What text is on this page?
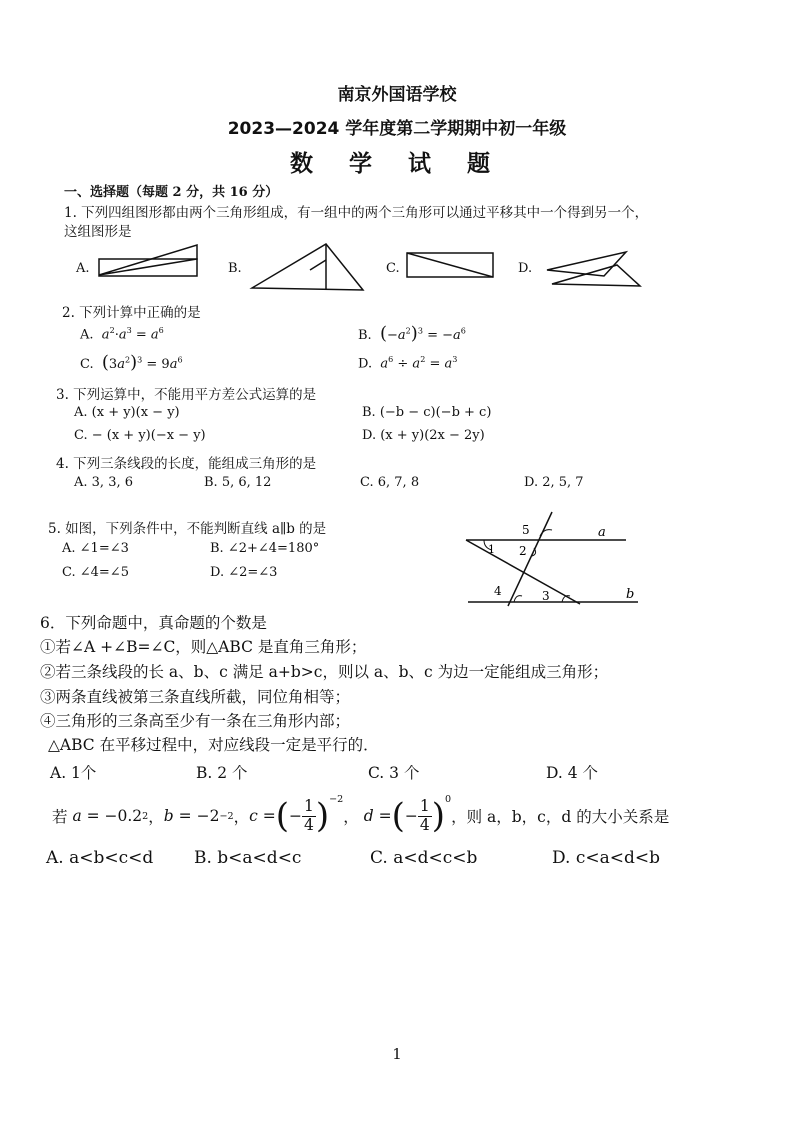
南京外国语学校
2023—2024 学年度第二学期期中初一年级
数 学 试 题
一、选择题（每题 2 分，共 16 分）
1. 下列四组图形都由两个三角形组成，有一组中的两个三角形可以通过平移其中一个得到另一个，
这组图形是
A.	B.	C.	D.
2. 下列计算中正确的是
A. $a^2\cdot a^3 = a^6$	B. $(-a^2)^3 = -a^6$
C. $(3a^2)^3 = 9a^6$	D. $a^6 \div a^2 = a^3$
3. 下列运算中，不能用平方差公式运算的是
A. (x + y)(x − y)	B. (−b − c)(−b + c)
C. − (x + y)(−x − y)	D. (x + y)(2x − 2y)
4. 下列三条线段的长度，能组成三角形的是
A. 3, 3, 6	B. 5, 6, 12	C. 6, 7, 8	D. 2, 5, 7
5. 如图，下列条件中，不能判断直线 a∥b 的是
A. ∠1=∠3	B. ∠2+∠4=180°
C. ∠4=∠5	D. ∠2=∠3
a
b
5
1 2
4	3
6．下列命题中，真命题的个数是
①若∠A +∠B=∠C，则△ABC 是直角三角形；
②若三条线段的长 a、b、c 满足 a+b>c，则以 a、b、c 为边一定能组成三角形；
③两条直线被第三条直线所截，同位角相等；
④三角形的三条高至少有一条在三角形内部；
△ABC 在平移过程中，对应线段一定是平行的．
A. 1个	B. 2 个	C. 3 个	D. 4 个
若 a = −0.2 2 ， b = −2 −2 ， c = ( − $\frac{1}{4} )^{-2}$
， d = ( − $\frac{1}{4} )^0$
，则 a，b，c，d 的大小关系是
A. a<b<c<d B. b<a<d<c	C. a<d<c<b	D. c<a<d<b
1
